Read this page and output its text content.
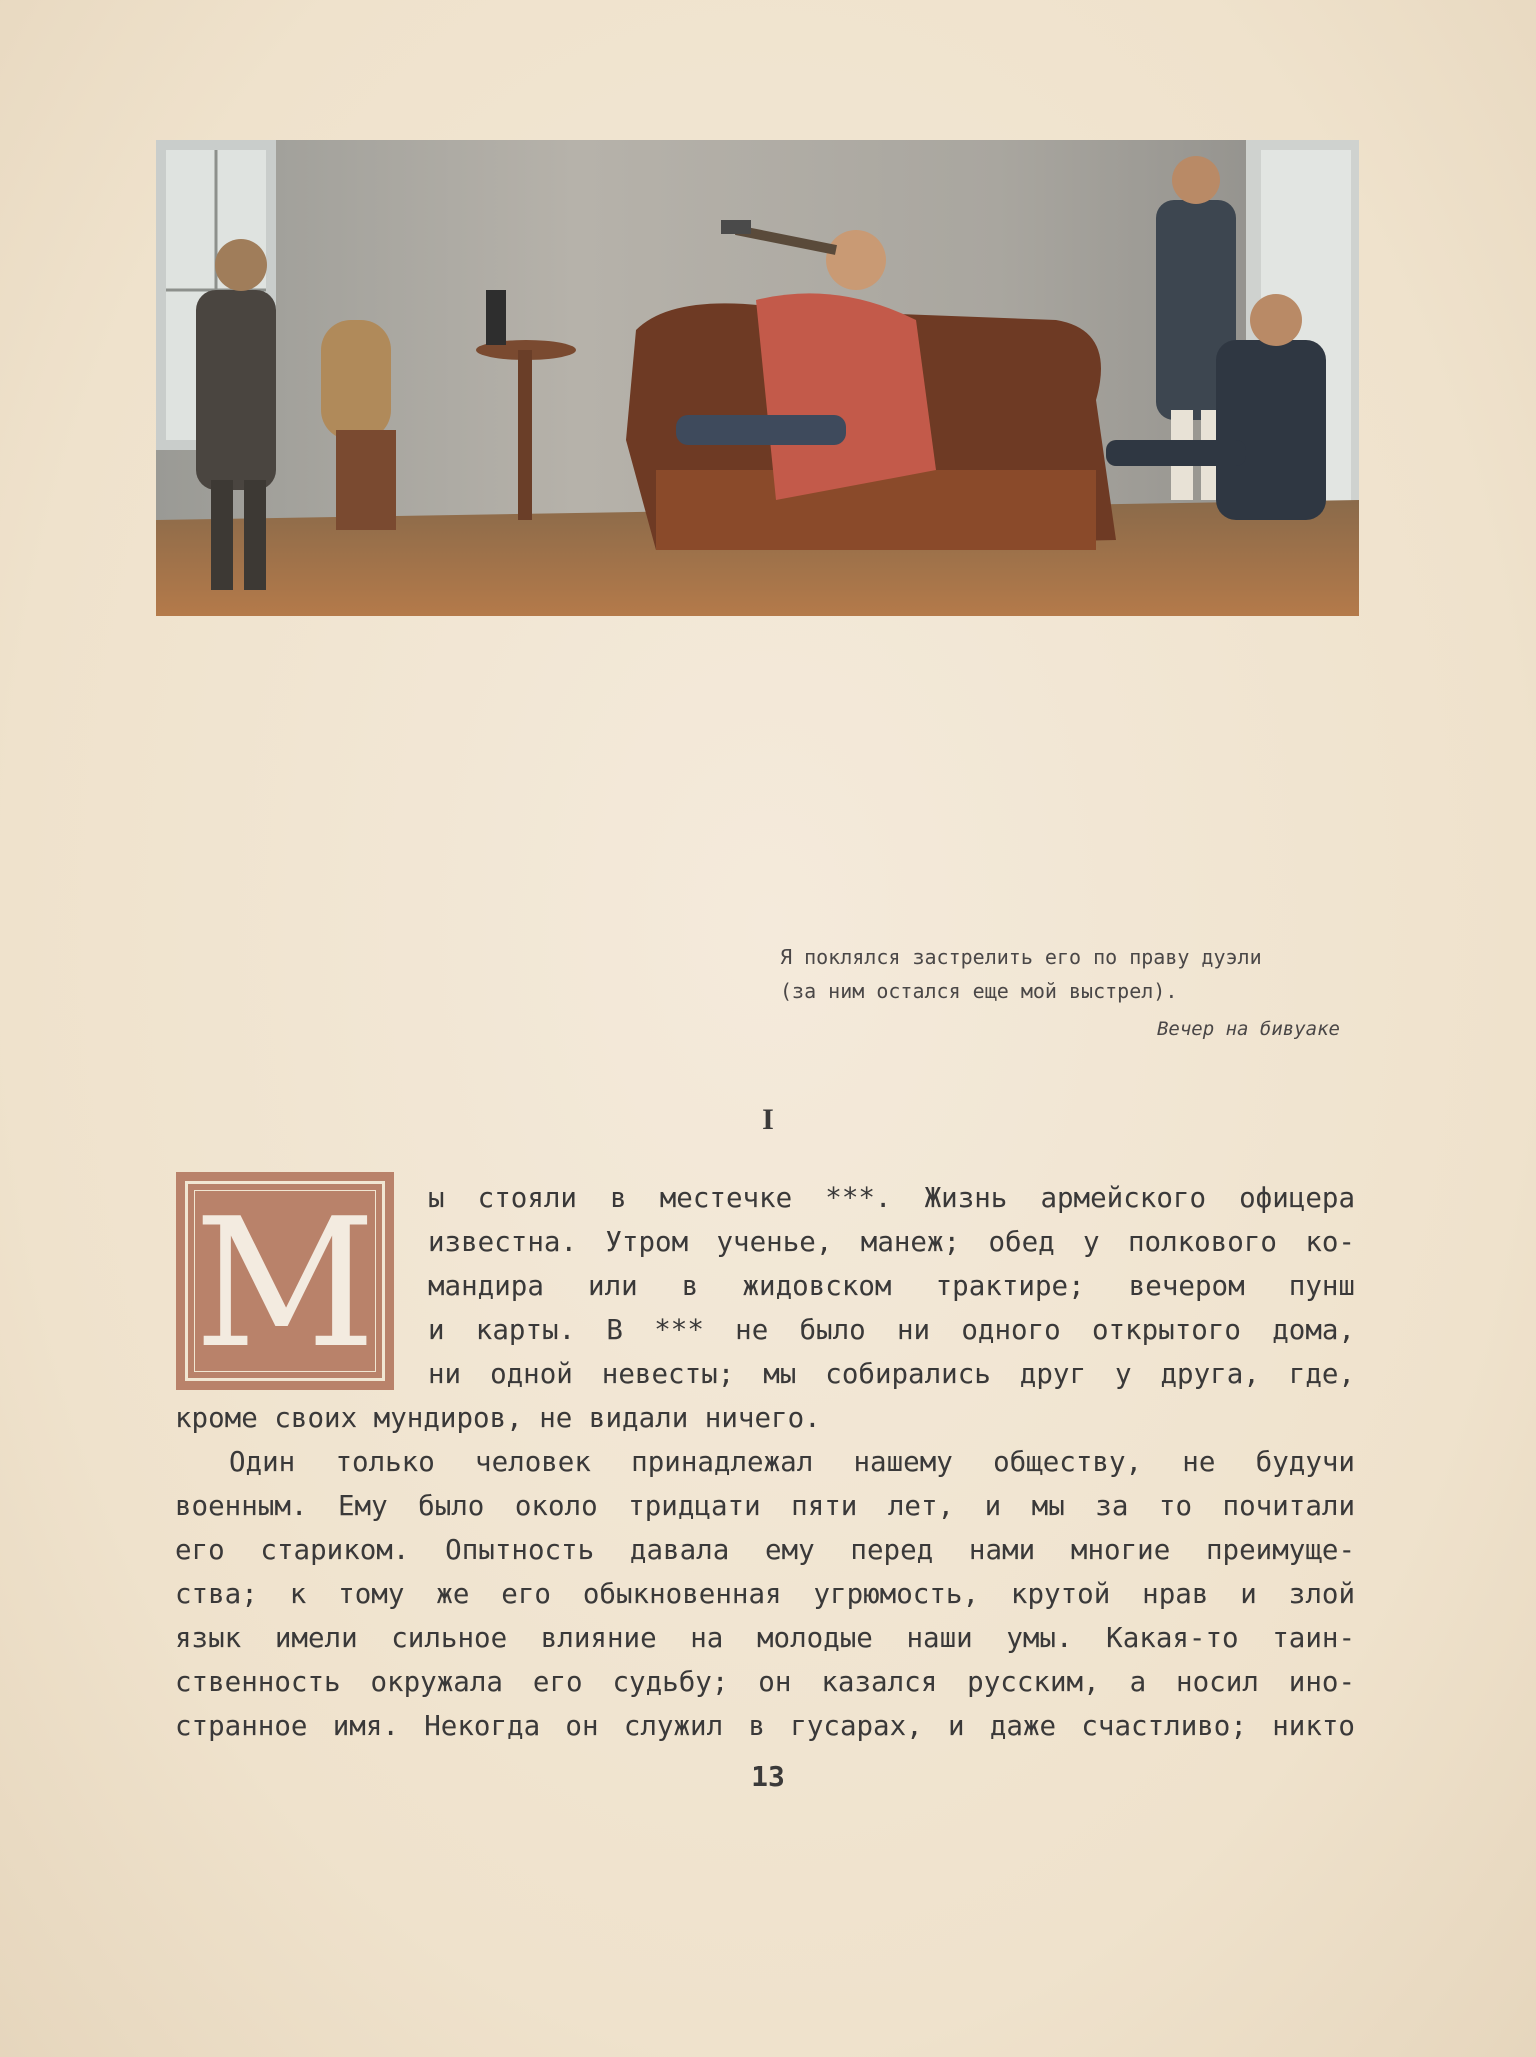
Я поклялся застрелить его по праву дуэли
(за ним остался еще мой выстрел).
Вечер на бивуаке
I
М	ы стояли в местечке ***. Жизнь армейского офицера
известна. Утром ученье, манеж; обед у полкового ко-
мандира или в жидовском трактире; вечером пунш
и карты. В *** не было ни одного открытого дома,
ни одной невесты; мы собирались друг у друга, где,
кроме своих мундиров, не видали ничего.
Один только человек принадлежал нашему обществу, не будучи
военным. Ему было около тридцати пяти лет, и мы за то почитали
его стариком. Опытность давала ему перед нами многие преимуще-
ства; к тому же его обыкновенная угрюмость, крутой нрав и злой
язык имели сильное влияние на молодые наши умы. Какая-то таин-
ственность окружала его судьбу; он казался русским, а носил ино-
странное имя. Некогда он служил в гусарах, и даже счастливо; никто
13
